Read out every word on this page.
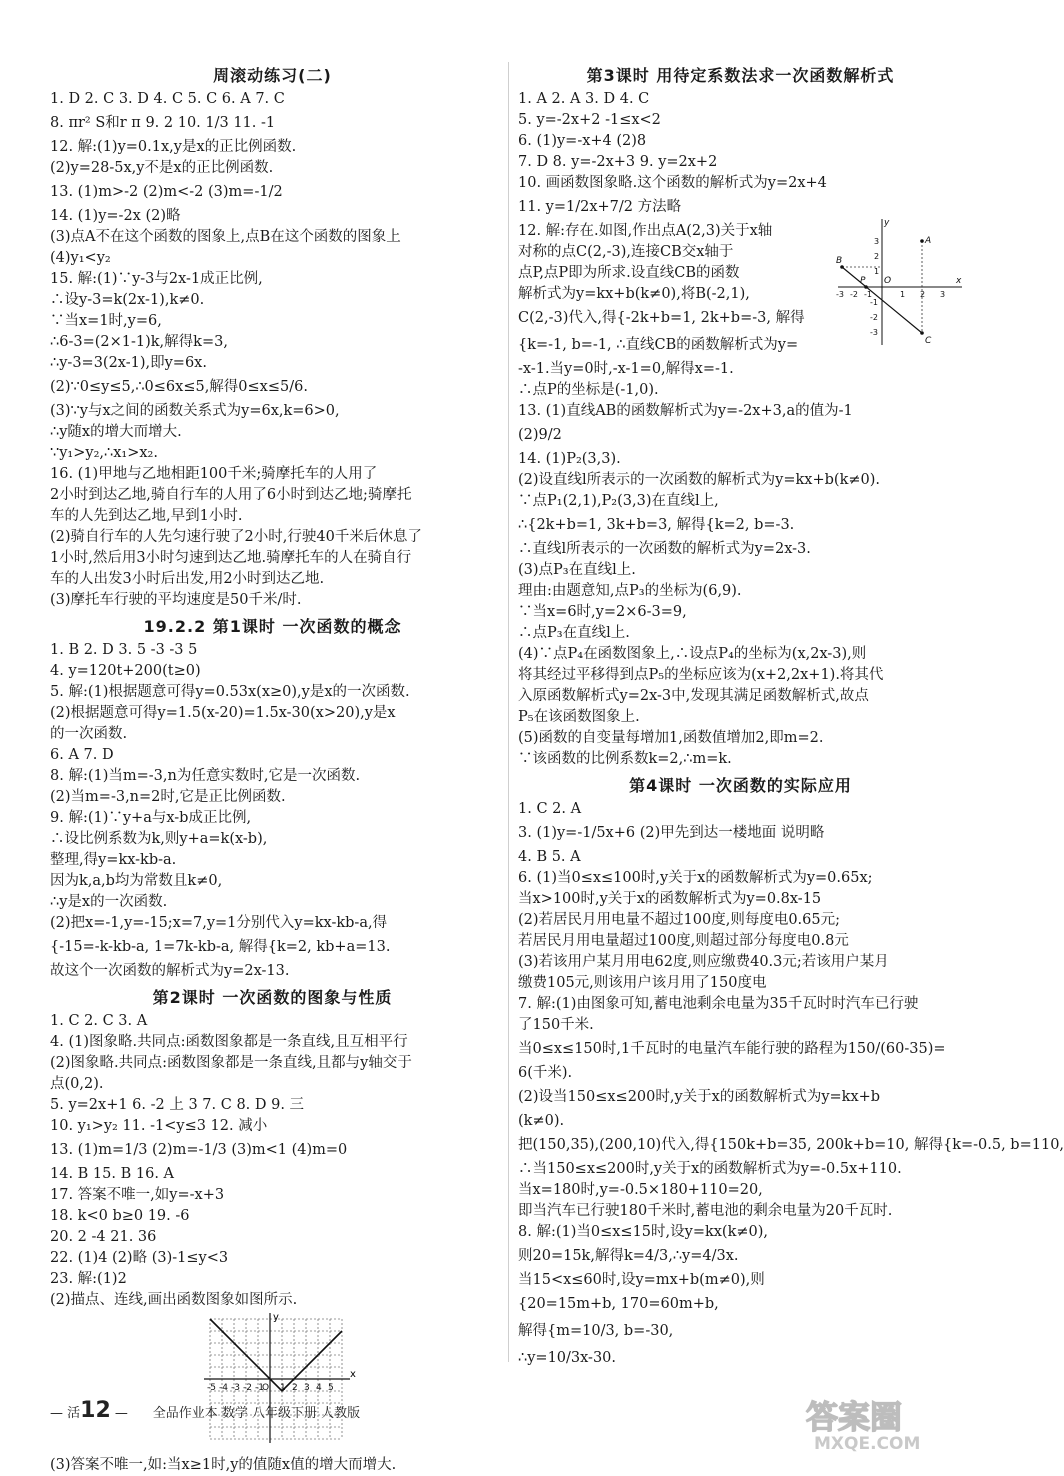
周滚动练习(二)
1. D 2. C 3. D 4. C 5. C 6. A 7. C
8. πr² S和r π 9. 2 10. 1/3 11. -1
12. 解:(1)y=0.1x,y是x的正比例函数.
(2)y=28-5x,y不是x的正比例函数.
13. (1)m>-2 (2)m<-2 (3)m=-1/2
14. (1)y=-2x (2)略
(3)点A不在这个函数的图象上,点B在这个函数的图象上
(4)y₁<y₂
15. 解:(1)∵y-3与2x-1成正比例,
∴设y-3=k(2x-1),k≠0.
∵当x=1时,y=6,
∴6-3=(2×1-1)k,解得k=3,
∴y-3=3(2x-1),即y=6x.
(2)∵0≤y≤5,∴0≤6x≤5,解得0≤x≤5/6.
(3)∵y与x之间的函数关系式为y=6x,k=6>0,
∴y随x的增大而增大.
∵y₁>y₂,∴x₁>x₂.
16. (1)甲地与乙地相距100千米;骑摩托车的人用了
2小时到达乙地,骑自行车的人用了6小时到达乙地;骑摩托
车的人先到达乙地,早到1小时.
(2)骑自行车的人先匀速行驶了2小时,行驶40千米后休息了
1小时,然后用3小时匀速到达乙地.骑摩托车的人在骑自行
车的人出发3小时后出发,用2小时到达乙地.
(3)摩托车行驶的平均速度是50千米/时.
19.2.2 第1课时 一次函数的概念
1. B 2. D 3. 5 -3 -3 5
4. y=120t+200(t≥0)
5. 解:(1)根据题意可得y=0.53x(x≥0),y是x的一次函数.
(2)根据题意可得y=1.5(x-20)=1.5x-30(x>20),y是x
的一次函数.
6. A 7. D
8. 解:(1)当m=-3,n为任意实数时,它是一次函数.
(2)当m=-3,n=2时,它是正比例函数.
9. 解:(1)∵y+a与x-b成正比例,
∴设比例系数为k,则y+a=k(x-b),
整理,得y=kx-kb-a.
因为k,a,b均为常数且k≠0,
∴y是x的一次函数.
(2)把x=-1,y=-15;x=7,y=1分别代入y=kx-kb-a,得
{-15=-k-kb-a, 1=7k-kb-a, 解得{k=2, kb+a=13.
故这个一次函数的解析式为y=2x-13.
第2课时 一次函数的图象与性质
1. C 2. C 3. A
4. (1)图象略.共同点:函数图象都是一条直线,且互相平行
(2)图象略.共同点:函数图象都是一条直线,且都与y轴交于
点(0,2).
5. y=2x+1 6. -2 上 3 7. C 8. D 9. 三
10. y₁>y₂ 11. -1<y≤3 12. 减小
13. (1)m=1/3 (2)m=-1/3 (3)m<1 (4)m=0
14. B 15. B 16. A
17. 答案不唯一,如y=-x+3
18. k<0 b≥0 19. -6
20. 2 -4 21. 36
22. (1)4 (2)略 (3)-1≤y<3
23. 解:(1)2
(2)描点、连线,画出函数图象如图所示.
x
y
-5 -4 -3 -2 -1
O 1 2 3 4 5
(3)答案不唯一,如:当x≥1时,y的值随x值的增大而增大.
第3课时 用待定系数法求一次函数解析式
1. A 2. A 3. D 4. C
5. y=-2x+2 -1≤x<2
6. (1)y=-x+4 (2)8
7. D 8. y=-2x+3 9. y=2x+2
10. 画函数图象略.这个函数的解析式为y=2x+4
11. y=1/2x+7/2 方法略
12. 解:存在.如图,作出点A(2,3)关于x轴
对称的点C(2,-3),连接CB交x轴于
点P,点P即为所求.设直线CB的函数
解析式为y=kx+b(k≠0),将B(-2,1),
C(2,-3)代入,得{-2k+b=1, 2k+b=-3, 解得
{k=-1, b=-1, ∴直线CB的函数解析式为y=
-x-1.当y=0时,-x-1=0,解得x=-1.
∴点P的坐标是(-1,0).
13. (1)直线AB的函数解析式为y=-2x+3,a的值为-1
(2)9/2
14. (1)P₂(3,3).
(2)设直线l所表示的一次函数的解析式为y=kx+b(k≠0).
∵点P₁(2,1),P₂(3,3)在直线l上,
∴{2k+b=1, 3k+b=3, 解得{k=2, b=-3.
∴直线l所表示的一次函数的解析式为y=2x-3.
(3)点P₃在直线l上.
理由:由题意知,点P₃的坐标为(6,9).
∵当x=6时,y=2×6-3=9,
∴点P₃在直线l上.
(4)∵点P₄在函数图象上,∴设点P₄的坐标为(x,2x-3),则
将其经过平移得到点P₅的坐标应该为(x+2,2x+1).将其代
入原函数解析式y=2x-3中,发现其满足函数解析式,故点
P₅在该函数图象上.
(5)函数的自变量每增加1,函数值增加2,即m=2.
∵该函数的比例系数k=2,∴m=k.
A
B
C
P O	x
y
-3 -2 -1	1 2 3
3
2
1
-1
-2
-3
第4课时 一次函数的实际应用
1. C 2. A
3. (1)y=-1/5x+6 (2)甲先到达一楼地面 说明略
4. B 5. A
6. (1)当0≤x≤100时,y关于x的函数解析式为y=0.65x;
当x>100时,y关于x的函数解析式为y=0.8x-15
(2)若居民月用电量不超过100度,则每度电0.65元;
若居民月用电量超过100度,则超过部分每度电0.8元
(3)若该用户某月用电62度,则应缴费40.3元;若该用户某月
缴费105元,则该用户该月用了150度电
7. 解:(1)由图象可知,蓄电池剩余电量为35千瓦时时汽车已行驶
了150千米.
当0≤x≤150时,1千瓦时的电量汽车能行驶的路程为150/(60-35)=
6(千米).
(2)设当150≤x≤200时,y关于x的函数解析式为y=kx+b
(k≠0).
把(150,35),(200,10)代入,得{150k+b=35, 200k+b=10, 解得{k=-0.5, b=110,
∴当150≤x≤200时,y关于x的函数解析式为y=-0.5x+110.
当x=180时,y=-0.5×180+110=20,
即当汽车已行驶180千米时,蓄电池的剩余电量为20千瓦时.
8. 解:(1)当0≤x≤15时,设y=kx(k≠0),
则20=15k,解得k=4/3,∴y=4/3x.
当15<x≤60时,设y=mx+b(m≠0),则
{20=15m+b, 170=60m+b,
解得{m=10/3, b=-30,
∴y=10/3x-30.
— 活12 — 全品作业本 数学 八年级下册 人教版	答案圈
MXQE.COM
